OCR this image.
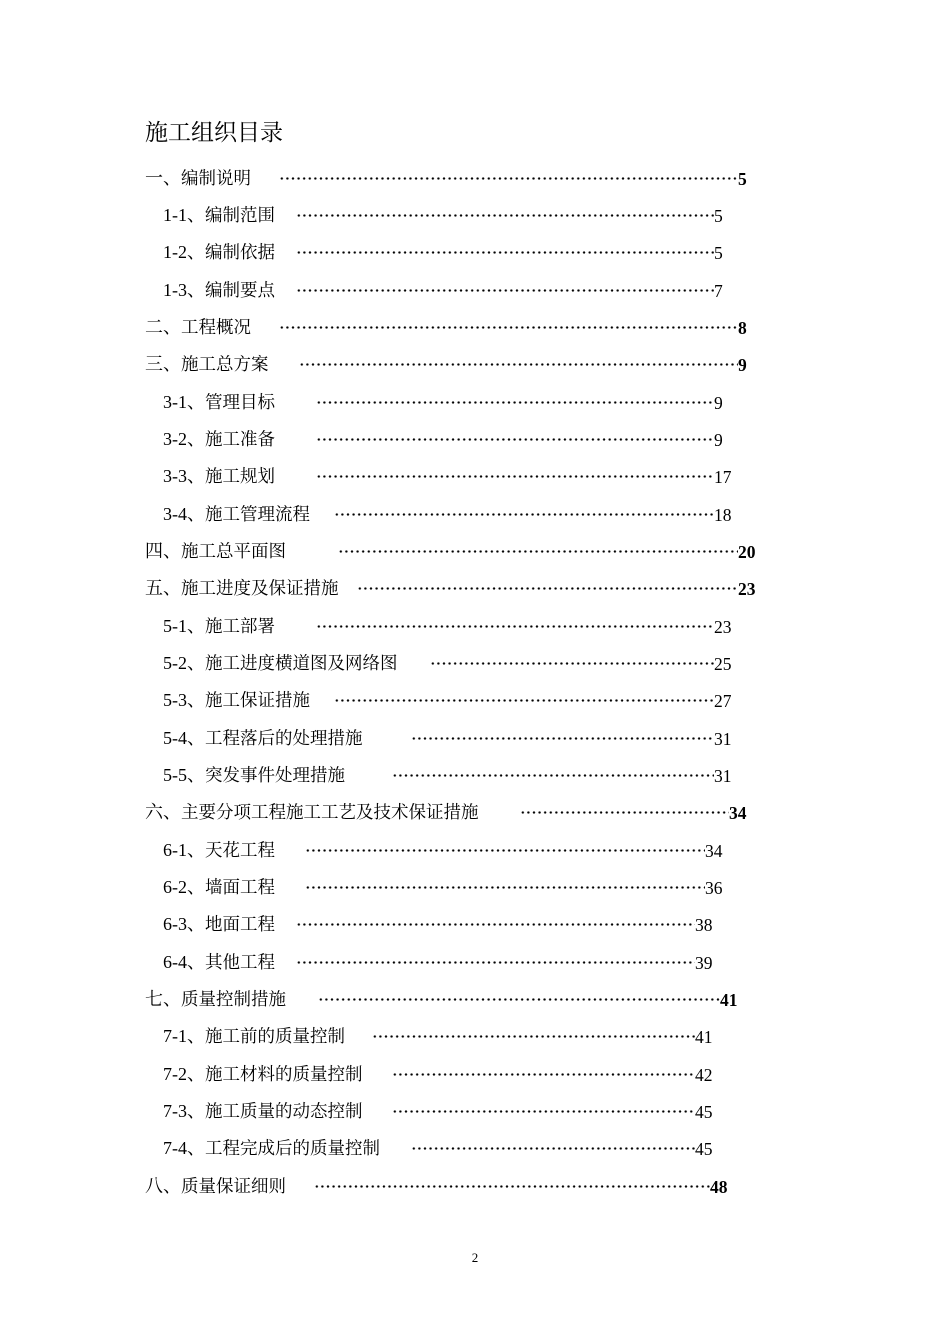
施工组织目录
一、编制说明	5
1-1、编制范围	5
1-2、编制依据	5
1-3、编制要点	7
二、工程概况	8
三、施工总方案	9
3-1、管理目标	9
3-2、施工准备	9
3-3、施工规划	17
3-4、施工管理流程	18
四、施工总平面图	20
五、施工进度及保证措施	23
5-1、施工部署	23
5-2、施工进度横道图及网络图	25
5-3、施工保证措施	27
5-4、工程落后的处理措施	31
5-5、突发事件处理措施	31
六、主要分项工程施工工艺及技术保证措施	34
6-1、天花工程	34
6-2、墙面工程	36
6-3、地面工程	38
6-4、其他工程	39
七、质量控制措施	41
7-1、施工前的质量控制	41
7-2、施工材料的质量控制	42
7-3、施工质量的动态控制	45
7-4、工程完成后的质量控制	45
八、质量保证细则	48
2
